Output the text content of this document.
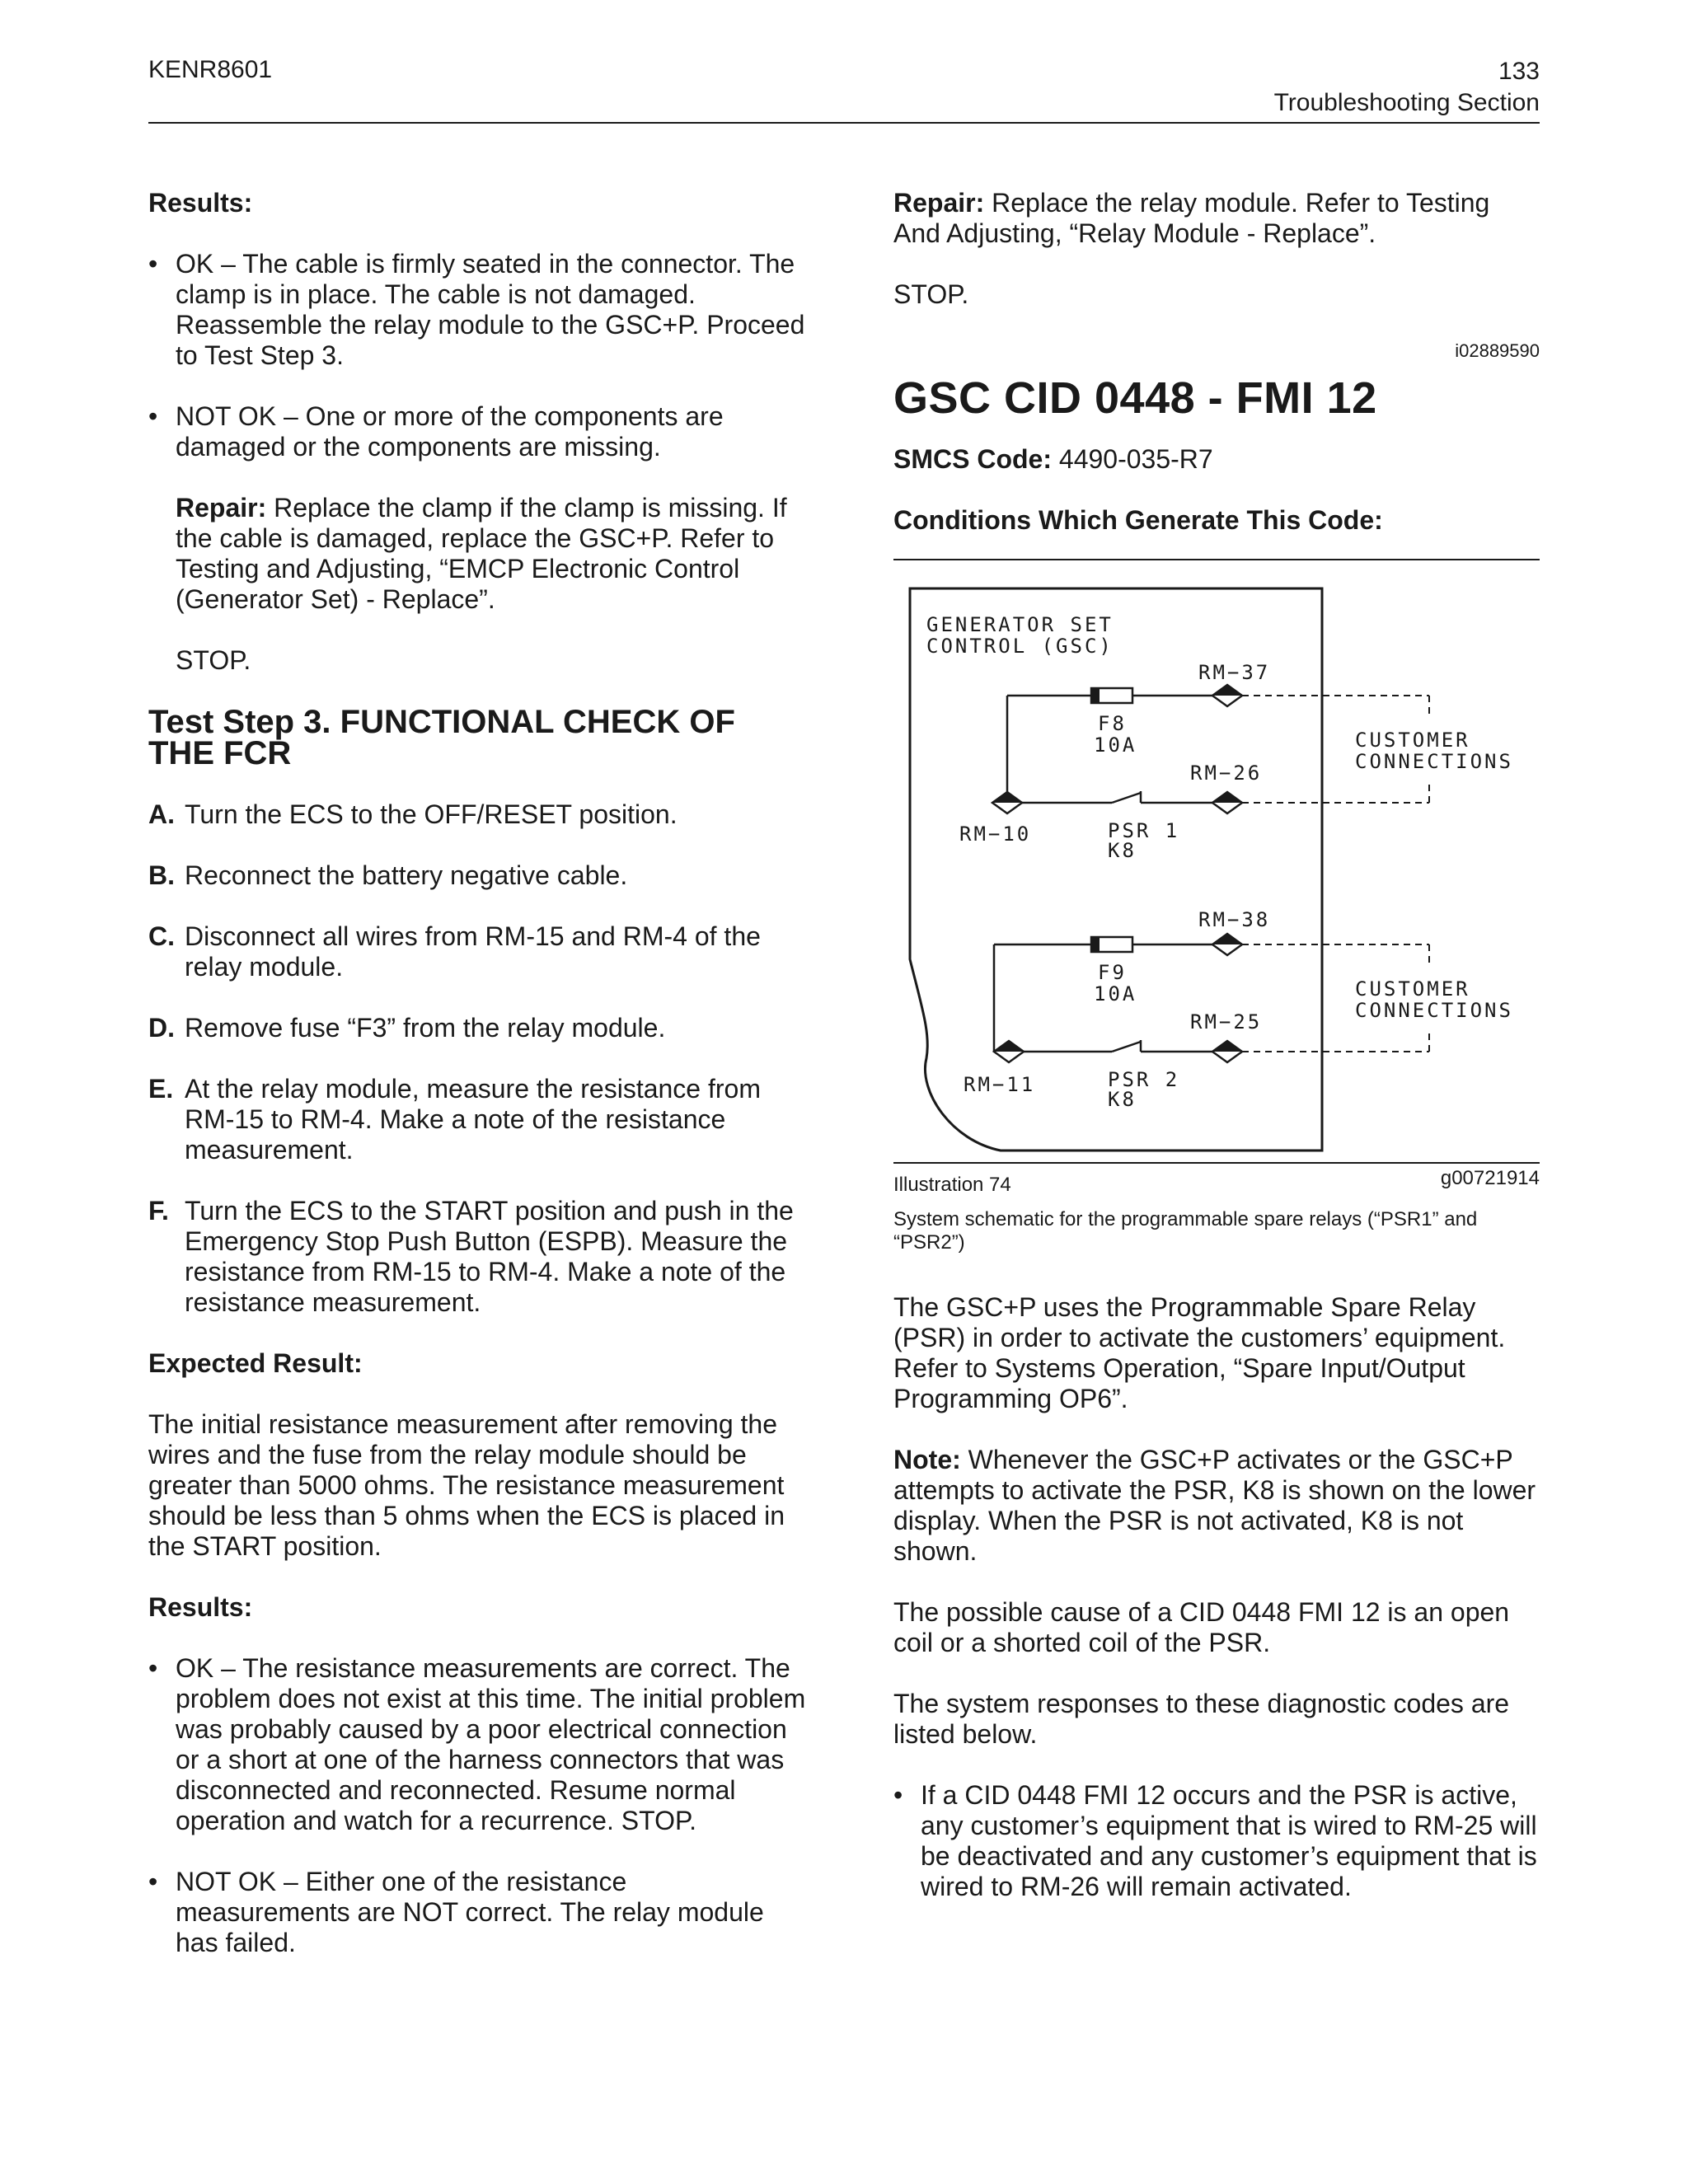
KENR8601	133
Troubleshooting Section

Results:

• OK – The cable is firmly seated in the connector. The clamp is in place. The cable is not damaged. Reassemble the relay module to the GSC+P. Proceed to Test Step 3.
• NOT OK – One or more of the components are damaged or the components are missing.

Repair: Replace the clamp if the clamp is missing. If the cable is damaged, replace the GSC+P. Refer to Testing and Adjusting, “EMCP Electronic Control (Generator Set) - Replace”.

STOP.

Test Step 3. FUNCTIONAL CHECK OF
THE FCR
A. Turn the ECS to the OFF/RESET position.
B. Reconnect the battery negative cable.
C. Disconnect all wires from RM-15 and RM-4 of the relay module.
D. Remove fuse “F3” from the relay module.
E. At the relay module, measure the resistance from RM-15 to RM-4. Make a note of the resistance measurement.
F. Turn the ECS to the START position and push in the Emergency Stop Push Button (ESPB). Measure the resistance from RM-15 to RM-4. Make a note of the resistance measurement.

Expected Result:

The initial resistance measurement after removing the wires and the fuse from the relay module should be greater than 5000 ohms. The resistance measurement should be less than 5 ohms when the ECS is placed in the START position.

Results:

• OK – The resistance measurements are correct. The problem does not exist at this time. The initial problem was probably caused by a poor electrical connection or a short at one of the harness connectors that was disconnected and reconnected. Resume normal operation and watch for a recurrence. STOP.
• NOT OK – Either one of the resistance measurements are NOT correct. The relay module has failed.

Repair: Replace the relay module. Refer to Testing And Adjusting, “Relay Module - Replace”.

STOP.

i02889590
GSC CID 0448 - FMI 12

SMCS Code: 4490-035-R7

Conditions Which Generate This Code:

GENERATOR SET
CONTROL (GSC)
RM−37
F8
10A	CUSTOMER
CONNECTIONS
RM−26
RM−10	PSR 1
K8
RM−38
F9
10A	CUSTOMER
CONNECTIONS
RM−25
RM−11	PSR 2
K8
Illustration 74	g00721914
System schematic for the programmable spare relays (“PSR1” and “PSR2”)

The GSC+P uses the Programmable Spare Relay (PSR) in order to activate the customers’ equipment. Refer to Systems Operation, “Spare Input/Output Programming OP6”.

Note: Whenever the GSC+P activates or the GSC+P attempts to activate the PSR, K8 is shown on the lower display. When the PSR is not activated, K8 is not shown.

The possible cause of a CID 0448 FMI 12 is an open coil or a shorted coil of the PSR.

The system responses to these diagnostic codes are listed below.

• If a CID 0448 FMI 12 occurs and the PSR is active, any customer’s equipment that is wired to RM-25 will be deactivated and any customer’s equipment that is wired to RM-26 will remain activated.
